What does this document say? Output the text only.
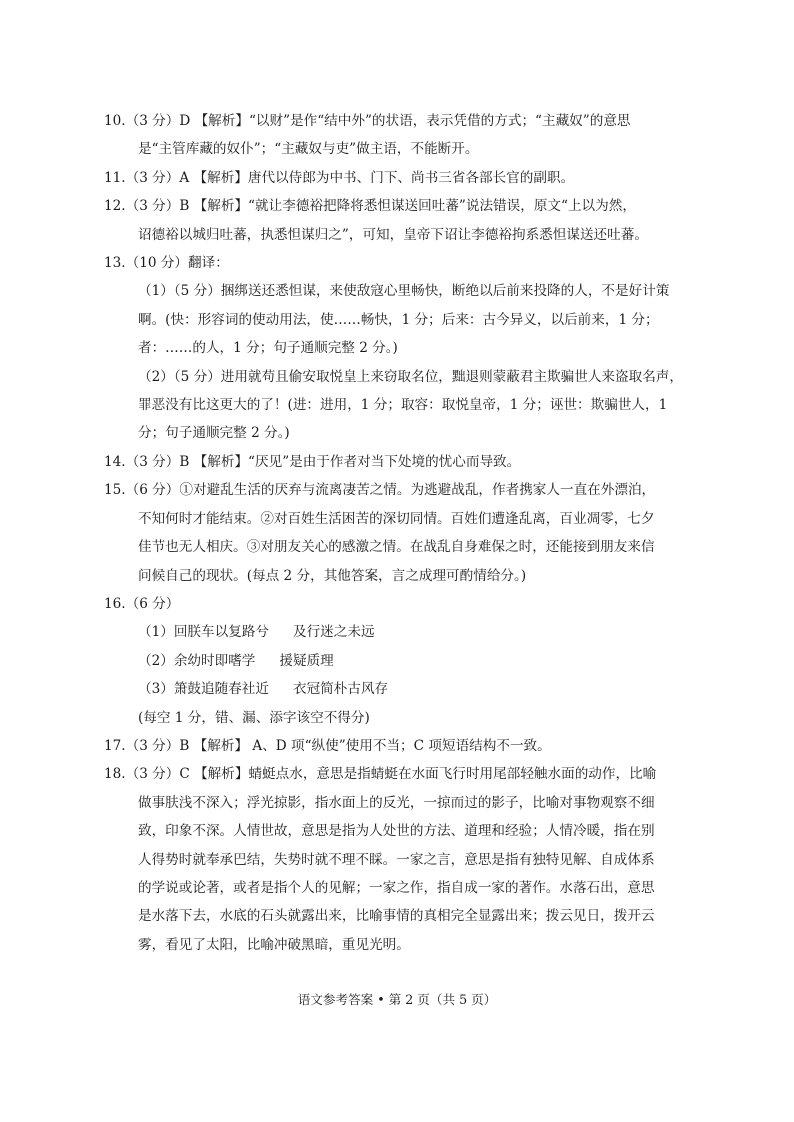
10.（3 分）D 【解析】“以财”是作“结中外”的状语，表示凭借的方式；“主藏奴”的意思
是“主管库藏的奴仆”；“主藏奴与吏”做主语，不能断开。
11.（3 分）A 【解析】唐代以侍郎为中书、门下、尚书三省各部长官的副职。
12.（3 分）B 【解析】“就让李德裕把降将悉怛谋送回吐蕃”说法错误，原文“上以为然，
诏德裕以城归吐蕃，执悉怛谋归之”，可知，皇帝下诏让李德裕拘系悉怛谋送还吐蕃。
13.（10 分）翻译：
（1）（5 分）捆绑送还悉怛谋，来使敌寇心里畅快，断绝以后前来投降的人，不是好计策
啊。(快：形容词的使动用法，使……畅快，1 分；后来：古今异义，以后前来，1 分；
者：……的人，1 分；句子通顺完整 2 分。)
（2）（5 分）进用就苟且偷安取悦皇上来窃取名位，黜退则蒙蔽君主欺骗世人来盗取名声，
罪恶没有比这更大的了！(进：进用，1 分；取容：取悦皇帝，1 分；诬世：欺骗世人，1
分；句子通顺完整 2 分。)
14.（3 分）B 【解析】“厌见”是由于作者对当下处境的忧心而导致。
15.（6 分）①对避乱生活的厌弃与流离凄苦之情。为逃避战乱，作者携家人一直在外漂泊，
不知何时才能结束。②对百姓生活困苦的深切同情。百姓们遭逢乱离，百业凋零，七夕
佳节也无人相庆。③对朋友关心的感激之情。在战乱自身难保之时，还能接到朋友来信
问候自己的现状。(每点 2 分，其他答案，言之成理可酌情给分。)
16.（6 分）
（1）回朕车以复路兮 及行迷之未远
（2）余幼时即嗜学 援疑质理
（3）箫鼓追随春社近 衣冠简朴古风存
(每空 1 分，错、漏、添字该空不得分)
17.（3 分）B 【解析】 A、D 项“纵使”使用不当；C 项短语结构不一致。
18.（3 分）C 【解析】蜻蜓点水，意思是指蜻蜓在水面飞行时用尾部轻触水面的动作，比喻
做事肤浅不深入；浮光掠影，指水面上的反光，一掠而过的影子，比喻对事物观察不细
致，印象不深。人情世故，意思是指为人处世的方法、道理和经验；人情冷暖，指在别
人得势时就奉承巴结，失势时就不理不睬。一家之言，意思是指有独特见解、自成体系
的学说或论著，或者是指个人的见解；一家之作，指自成一家的著作。水落石出，意思
是水落下去，水底的石头就露出来，比喻事情的真相完全显露出来；拨云见日，拨开云
雾，看见了太阳，比喻冲破黑暗，重见光明。
语文参考答案 • 第 2 页（共 5 页）
